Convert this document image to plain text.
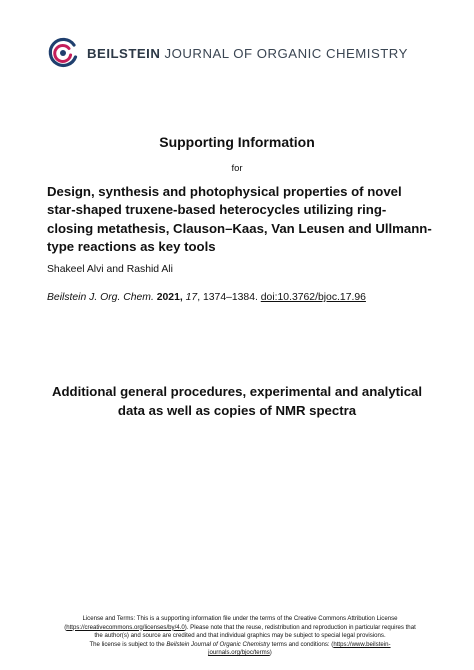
BEILSTEIN JOURNAL OF ORGANIC CHEMISTRY
Supporting Information
for
Design, synthesis and photophysical properties of novel star-shaped truxene-based heterocycles utilizing ring-closing metathesis, Clauson–Kaas, Van Leusen and Ullmann-type reactions as key tools
Shakeel Alvi and Rashid Ali
Beilstein J. Org. Chem. 2021, 17, 1374–1384. doi:10.3762/bjoc.17.96
Additional general procedures, experimental and analytical data as well as copies of NMR spectra
License and Terms: This is a supporting information file under the terms of the Creative Commons Attribution License (https://creativecommons.org/licenses/by/4.0). Please note that the reuse, redistribution and reproduction in particular requires that the author(s) and source are credited and that individual graphics may be subject to special legal provisions.
The license is subject to the Beilstein Journal of Organic Chemistry terms and conditions: (https://www.beilstein-journals.org/bjoc/terms)
